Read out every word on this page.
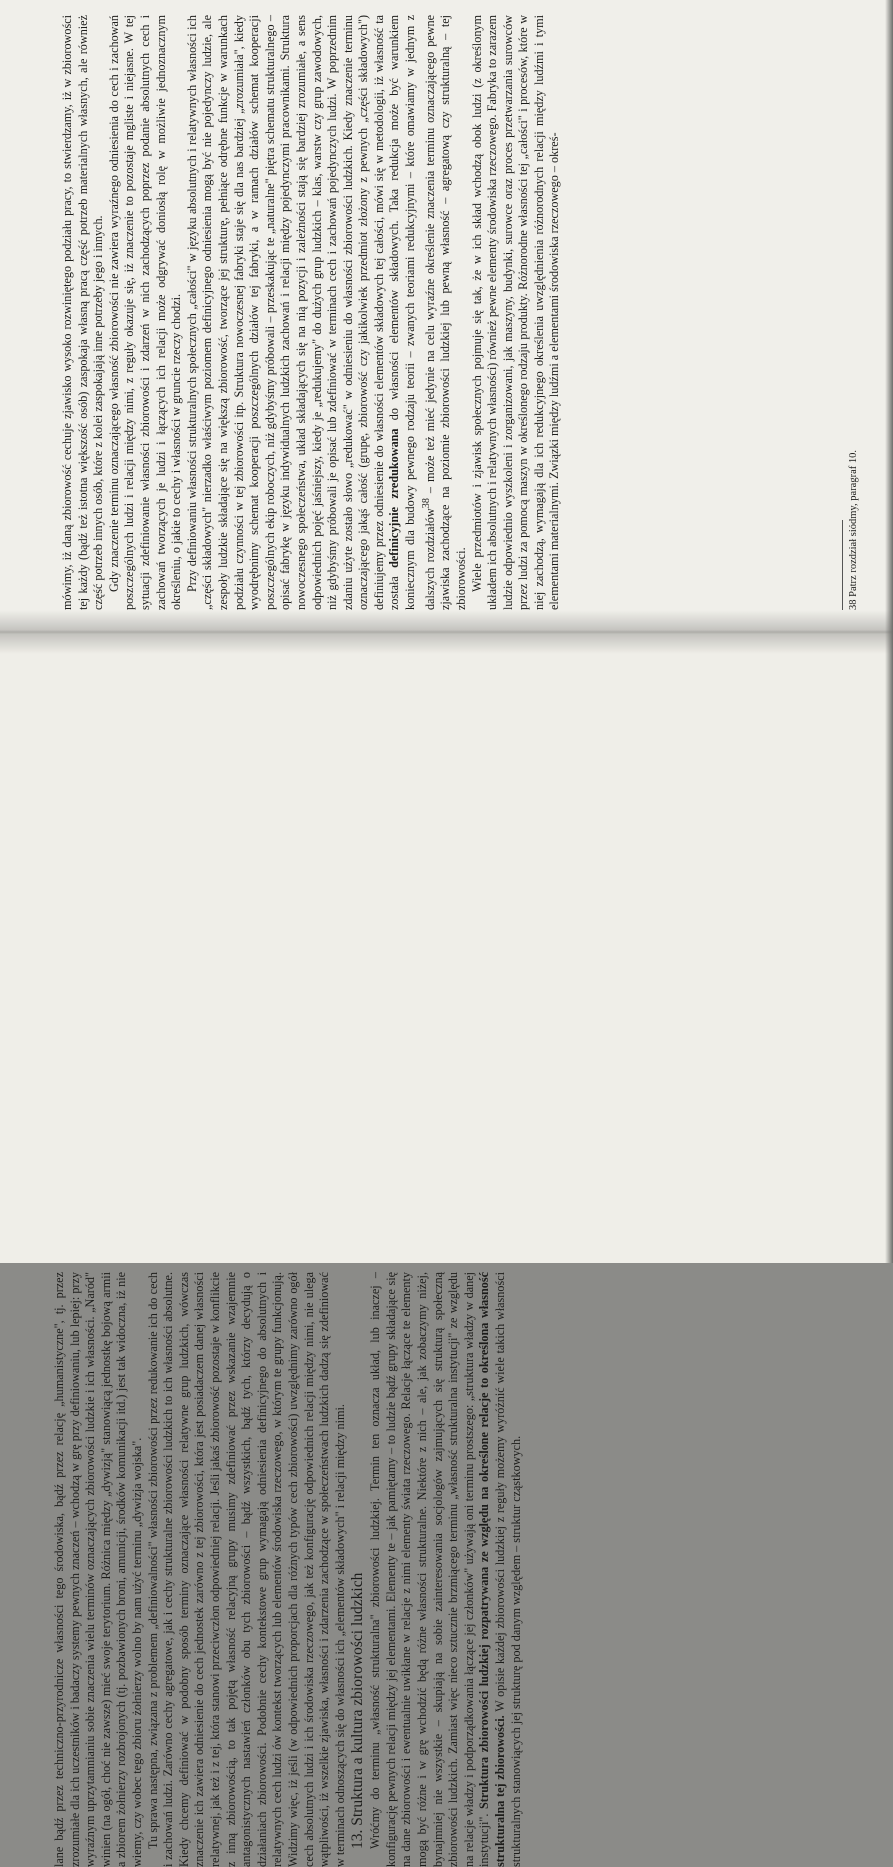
mówimy, iż daną zbiorowość cechuje zjawisko wysoko rozwiniętego podziału pracy, to stwierdzamy, iż w zbiorowości tej każdy (bądź też istotna większość osób) zaspokaja własną pracą część potrzeb materialnych własnych, ale również część potrzeb innych osób, które z kolei zaspokajają inne potrzeby jego i innych. Gdy znaczenie terminu oznaczającego własność zbiorowości nie zawiera wyraźnego odniesienia do cech i zachowań poszczególnych ludzi i relacji między nimi, z reguły okazuje się, iż znaczenie to pozostaje mgliste i niejasne. W tej sytuacji zdefiniowanie własności zbiorowości i zdarzeń w nich zachodzących poprzez podanie absolutnych cech i zachowań tworzących je ludzi i łączących ich relacji może odgrywać doniosłą rolę w możliwie jednoznacznym określeniu, o jakie to cechy i własności w gruncie rzeczy chodzi. Przy definiowaniu własności strukturalnych społecznych „całości" w języku absolutnych i relatywnych własności ich „części składowych" nierzadko właściwym poziomem definicyjnego odniesienia mogą być nie pojedynczy ludzie, ale zespoły ludzkie składające się na większą zbiorowość, tworzące jej strukturę, pełniące odrębne funkcje w warunkach podziału czynności w tej zbiorowości itp. Struktura nowoczesnej fabryki staje się dla nas bardziej „zrozumiała", kiedy wyodrębnimy schemat kooperacji poszczególnych działów tej fabryki, a w ramach działów schemat kooperacji poszczególnych ekip roboczych, niż gdybyśmy próbowali – przeskakując te „naturalne" piętra schematu strukturalnego – opisać fabrykę w języku indywidualnych ludzkich zachowań i relacji między pojedynczymi pracownikami. Struktura nowoczesnego społeczeństwa, układ składających się na nią pozycji i zależności stają się bardziej zrozumiałe, a sens odpowiednich pojęć jaśniejszy, kiedy je „redukujemy" do dużych grup ludzkich – klas, warstw czy grup zawodowych, niż gdybyśmy próbowali je opisać lub zdefiniować w terminach cech i zachowań pojedynczych ludzi. W poprzednim zdaniu użyte zostało słowo „redukować" w odniesieniu do własności zbiorowości ludzkich. Kiedy znaczenie terminu oznaczającego jakąś całość (grupę, zbiorowość czy jakikolwiek przedmiot złożony z pewnych „części składowych") definiujemy przez odniesienie do własności elementów składowych tej całości, mówi się w metodologii, iż własność ta została definicyjnie zredukowana do własności elementów składowych. Taka redukcja może być warunkiem koniecznym dla budowy pewnego rodzaju teorii – zwanych teoriami redukcyjnymi – które omawiamy w jednym z dalszych rozdziałów$^{38}$ – może też mieć jedynie na celu wyraźne określenie znaczenia terminu oznaczającego pewne zjawiska zachodzące na poziomie zbiorowości ludzkiej lub pewną własność – agregatową czy strukturalną – tej zbiorowości. Wiele przedmiotów i zjawisk społecznych pojmuje się tak, że w ich skład wchodzą obok ludzi (z określonym układem ich absolutnych i relatywnych własności) również pewne elementy środowiska rzeczowego. Fabryka to zarazem ludzie odpowiednio wyszkoleni i zorganizowani, jak maszyny, budynki, surowce oraz proces przetwarzania surowców przez ludzi za pomocą maszyn w określonego rodzaju produkty. Różnorodne własności tej „całości" i procesów, które w niej zachodzą, wymagają dla ich redukcyjnego określenia uwzględnienia różnorodnych relacji między ludźmi i tymi elementami materialnymi. Związki między ludźmi a elementami środowiska rzeczowego – okreś-	38 Patrz rozdział siódmy, paragraf 10.

lane bądź przez techniczno-przyrodnicze własności tego środowiska, bądź przez relację „humanistyczne", tj. przez zrozumiałe dla ich uczestników i badaczy systemy pewnych znaczeń – wchodzą w grę przy definiowaniu, lub lepiej: przy wyraźnym uprzytamnianiu sobie znaczenia wielu terminów oznaczających zbiorowości ludzkie i ich własności. „Naród" winien (na ogół, choć nie zawsze) mieć swoje terytorium. Różnica między „dywizją" stanowiącą jednostkę bojową armii a zbiorem żołnierzy rozbrojonych (tj. pozbawionych broni, amunicji, środków komunikacji itd.) jest tak widoczna, iż nie wiemy, czy wobec tego zbioru żołnierzy wolno by nam użyć terminu „dywizja wojska". Tu sprawa następna, związana z problemem „definiowalności" własności zbiorowości przez redukowanie ich do cech i zachowań ludzi. Zarówno cechy agregatowe, jak i cechy strukturalne zbiorowości ludzkich to ich własności absolutne. Kiedy chcemy definiować w podobny sposób terminy oznaczające własności relatywne grup ludzkich, wówczas znaczenie ich zawiera odniesienie do cech jednostek zarówno z tej zbiorowości, która jest posiadaczem danej własności relatywnej, jak też i z tej, która stanowi przeciwczłon odpowiedniej relacji. Jeśli jakaś zbiorowość pozostaje w konflikcie z inną zbiorowością, to tak pojętą własność relacyjną grupy musimy zdefiniować przez wskazanie wzajemnie antagonistycznych nastawień członków obu tych zbiorowości – bądź wszystkich, bądź tych, którzy decydują o działaniach zbiorowości. Podobnie cechy kontekstowe grup wymagają odniesienia definicyjnego do absolutnych i relatywnych cech ludzi ów kontekst tworzących lub elementów środowiska rzeczowego, w którym te grupy funkcjonują. Widzimy więc, iż jeśli (w odpowiednich proporcjach dla różnych typów cech zbiorowości) uwzględnimy zarówno ogół cech absolutnych ludzi i ich środowiska rzeczowego, jak też konfigurację odpowiednich relacji między nimi, nie ulega wątpliwości, iż wszelkie zjawiska, własności i zdarzenia zachodzące w społeczeństwach ludzkich dadzą się zdefiniować w terminach odnoszących się do własności ich „elementów składowych" i relacji między nimi. 13. Struktura a kultura zbiorowości ludzkich Wróćmy do terminu „własność strukturalna" zbiorowości ludzkiej. Termin ten oznacza układ, lub inaczej – konfigurację pewnych relacji między jej elementami. Elementy te – jak pamiętamy – to ludzie bądź grupy składające się na dane zbiorowości i ewentualnie uwikłane w relacje z nimi elementy świata rzeczowego. Relacje łączące te elementy mogą być różne i w grę wchodzić będą różne własności strukturalne. Niektóre z nich – ale, jak zobaczymy niżej, bynajmniej nie wszystkie – skupiają na sobie zainteresowania socjologów zajmujących się strukturą społeczną zbiorowości ludzkich. Zamiast więc nieco sztucznie brzmiącego terminu „własność strukturalna instytucji" ze względu na relacje władzy i podporządkowania łączące jej członków" używają oni terminu prostszego: „struktura władzy w danej instytucji". Struktura zbiorowości ludzkiej rozpatrywana ze względu na określone relacje to określona własność strukturalna tej zbiorowości. W opisie każdej zbiorowości ludzkiej z reguły możemy wyróżnić wiele takich własności strukturalnych stanowiących jej strukturę pod danym względem – struktur cząstkowych.
